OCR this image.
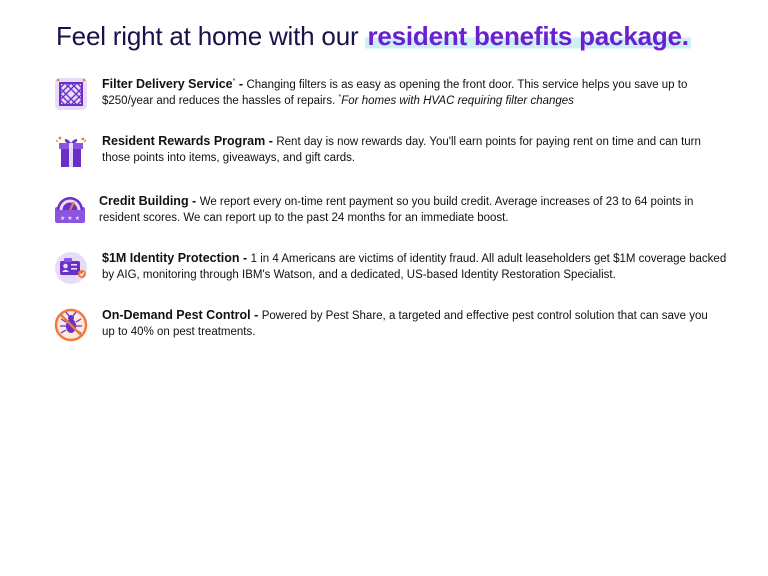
Feel right at home with our resident benefits package.
Filter Delivery Service* - Changing filters is as easy as opening the front door. This service helps you save up to $250/year and reduces the hassles of repairs. *For homes with HVAC requiring filter changes
Resident Rewards Program - Rent day is now rewards day. You'll earn points for paying rent on time and can turn those points into items, giveaways, and gift cards.
★ ★ ★
Credit Building - We report every on-time rent payment so you build credit. Average increases of 23 to 64 points in resident scores. We can report up to the past 24 months for an immediate boost.
$1M Identity Protection - 1 in 4 Americans are victims of identity fraud. All adult leaseholders get $1M coverage backed by AIG, monitoring through IBM's Watson, and a dedicated, US-based Identity Restoration Specialist.
On-Demand Pest Control - Powered by Pest Share, a targeted and effective pest control solution that can save you up to 40% on pest treatments.
